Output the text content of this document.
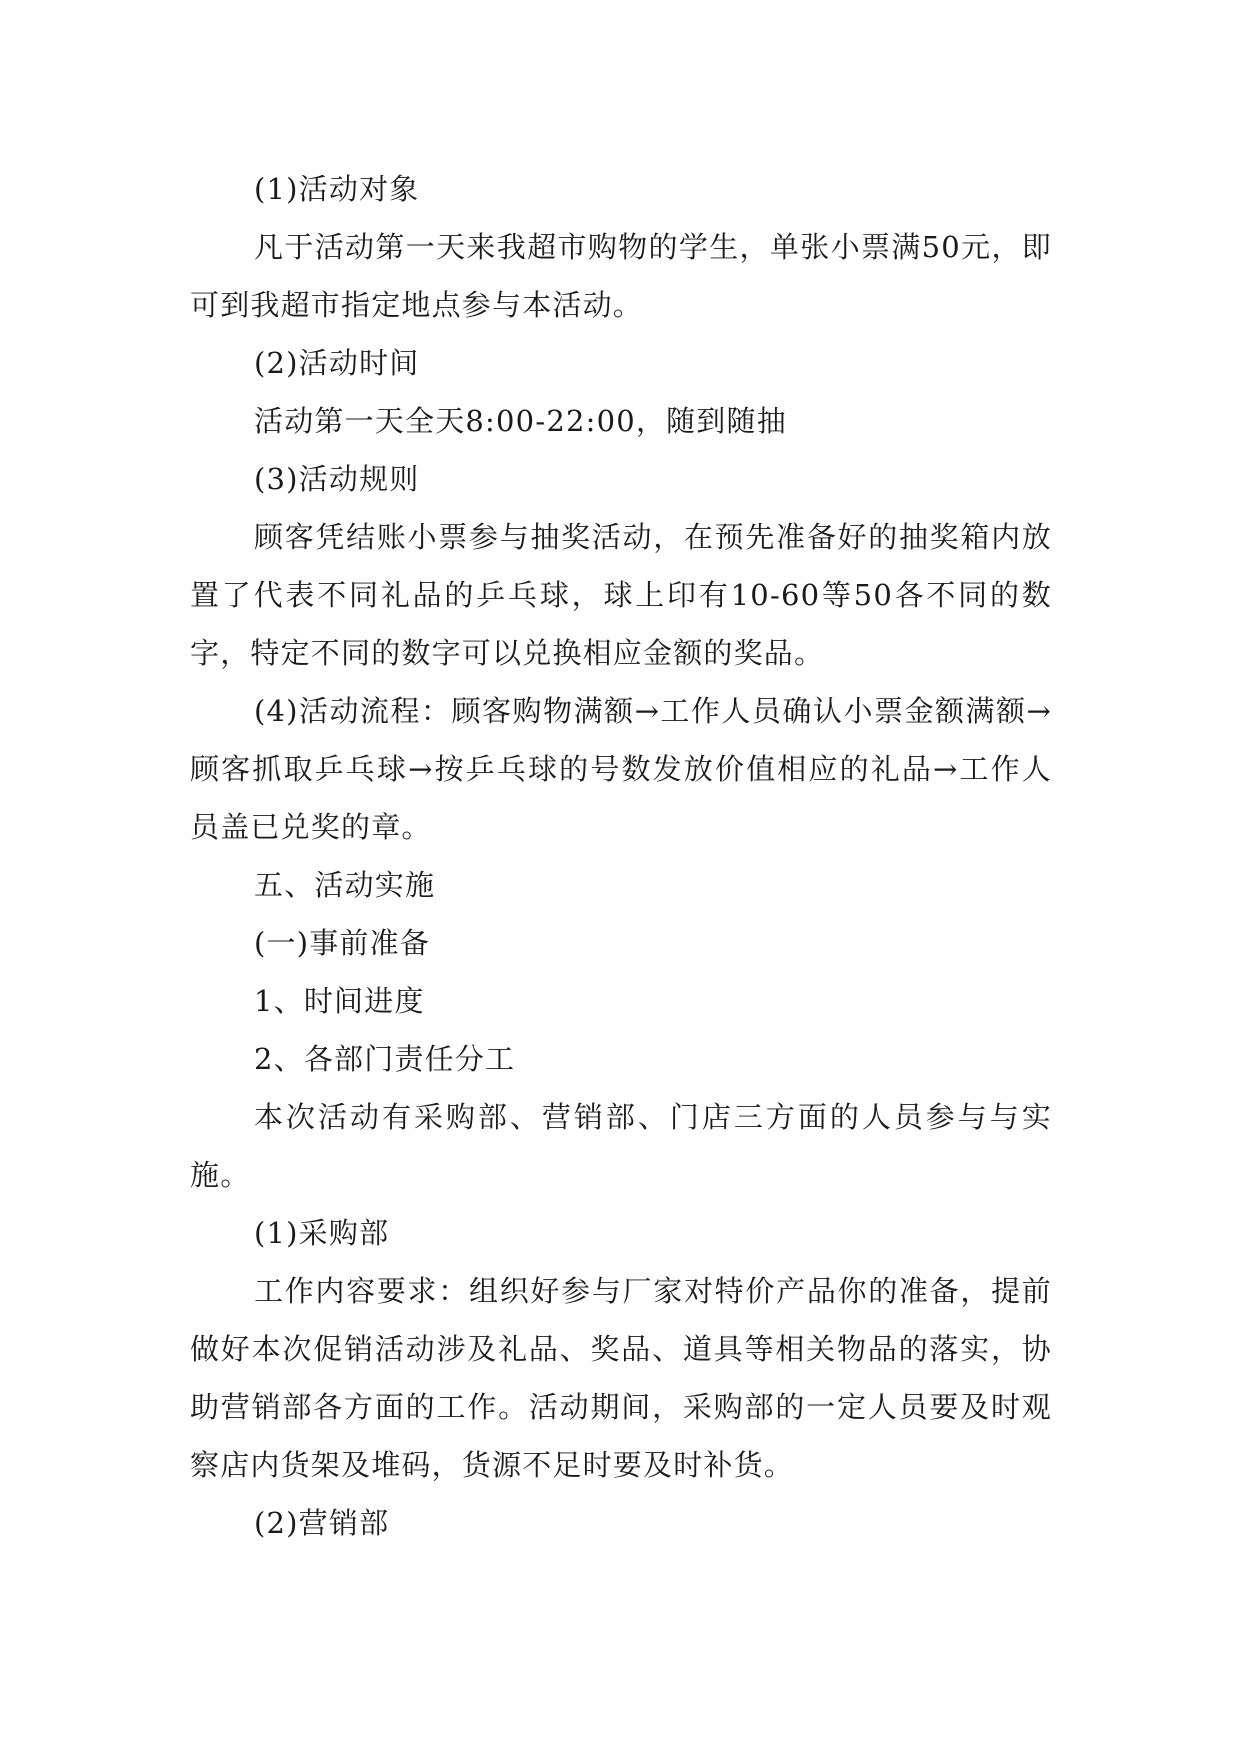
(1)活动对象

凡于活动第一天来我超市购物的学生，单张小票满50元，即可到我超市指定地点参与本活动。

(2)活动时间

活动第一天全天8:00-22:00，随到随抽

(3)活动规则

顾客凭结账小票参与抽奖活动，在预先准备好的抽奖箱内放置了代表不同礼品的乒乓球，球上印有10-60等50各不同的数字，特定不同的数字可以兑换相应金额的奖品。

(4)活动流程：顾客购物满额→工作人员确认小票金额满额→顾客抓取乒乓球→按乒乓球的号数发放价值相应的礼品→工作人员盖已兑奖的章。

五、活动实施

(一)事前准备

1、时间进度

2、各部门责任分工

本次活动有采购部、营销部、门店三方面的人员参与与实施。

(1)采购部

工作内容要求：组织好参与厂家对特价产品你的准备，提前做好本次促销活动涉及礼品、奖品、道具等相关物品的落实，协助营销部各方面的工作。活动期间，采购部的一定人员要及时观察店内货架及堆码，货源不足时要及时补货。

(2)营销部
